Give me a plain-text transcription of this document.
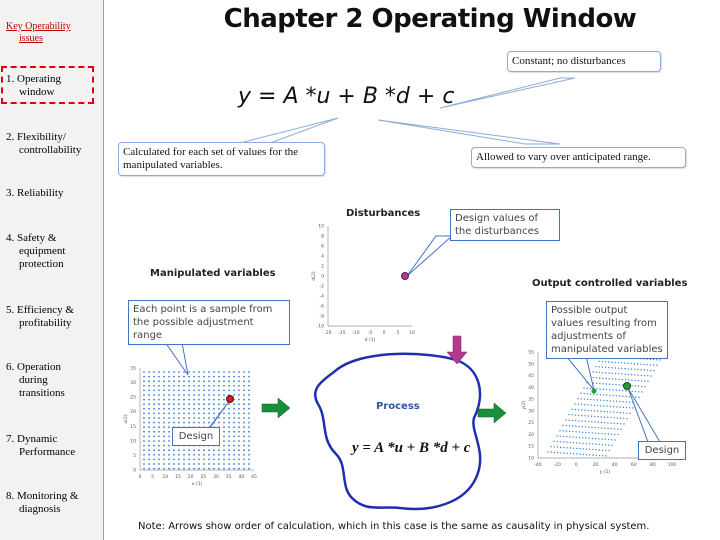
Key Operability
issues
1. Operating
window
2. Flexibility/
controllability
3. Reliability
4. Safety &
equipment
protection
5. Efficiency &
profitability
6. Operation
during
transitions
7. Dynamic
Performance
8. Monitoring &
diagnosis
Chapter 2 Operating Window
Constant; no disturbances
y = A *u + B *d + c
Calculated for each set of values for the manipulated variables.
Allowed to vary over anticipated range.
-20 -15 -10 -5 0 5 10
10
8
6
4
2
0
-2
-4
-6
-8
-10
d (1)
d(2)
0 5 10 15 20 25 30 35 40 45
35
30
25
20
15
10
5
0
u (1)
u(2)
-40	-20	0	20	40	60	80	100
55
50
45
40
35
30
25
20
15
10
y (1)
y(2)
Disturbances	Design values of the disturbances
Manipulated variables
Each point is a sample from the possible adjustment range
Design
Output controlled variables
Possible output values resulting from adjustments of manipulated variables
Design
Process
y = A *u + B *d + c
Note: Arrows show order of calculation, which in this case is the same as causality in physical system.
